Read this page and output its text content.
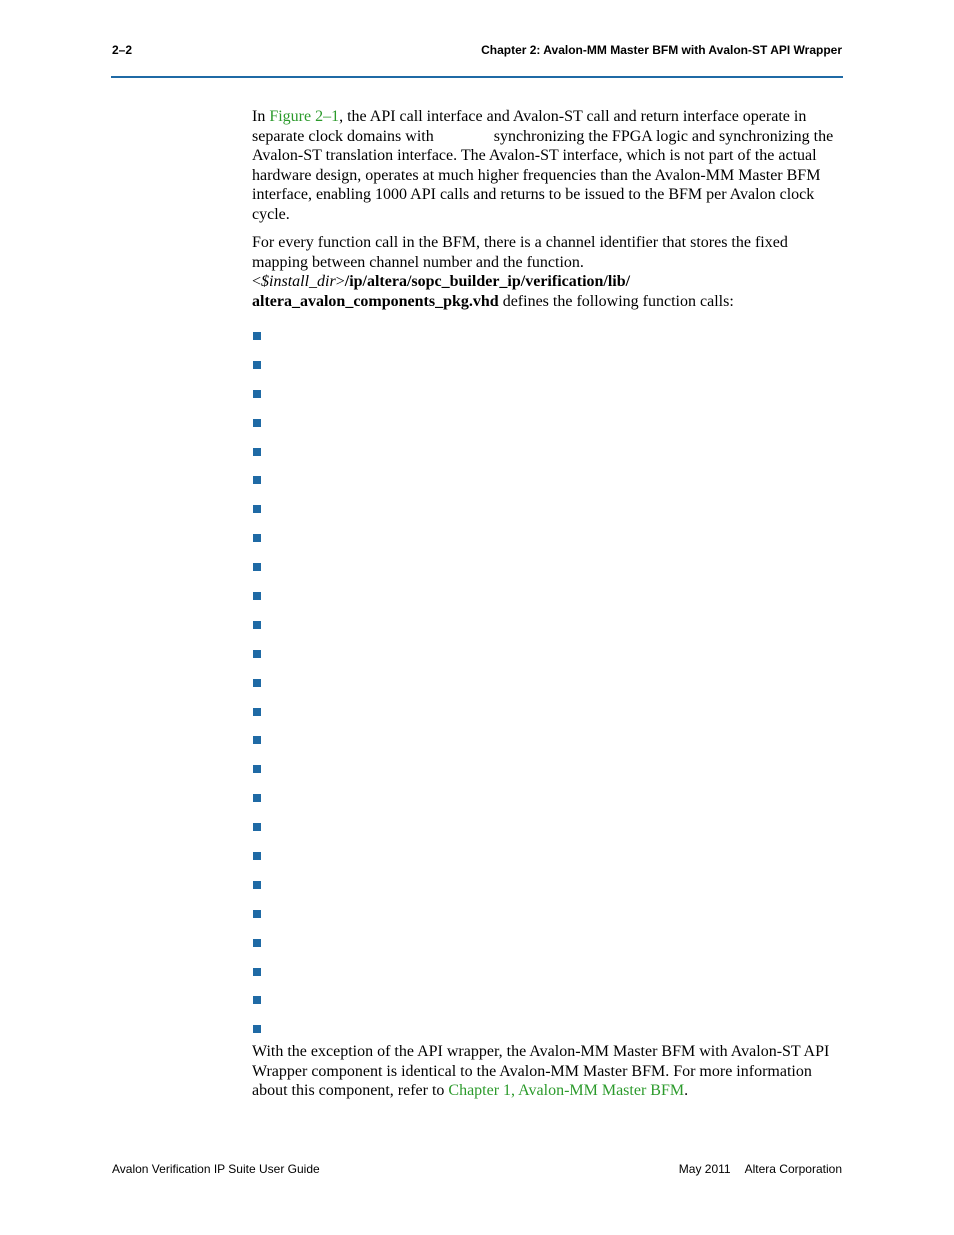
2–2	Chapter 2: Avalon-MM Master BFM with Avalon-ST API Wrapper

In Figure 2–1, the API call interface and Avalon-ST call and return interface operate in separate clock domains with	synchronizing the FPGA logic and synchronizing the Avalon-ST translation interface. The Avalon-ST interface, which is not part of the actual hardware design, operates at much higher frequencies than the Avalon-MM Master BFM interface, enabling 1000 API calls and returns to be issued to the BFM per Avalon clock cycle.

For every function call in the BFM, there is a channel identifier that stores the fixed mapping between channel number and the function. <$install_dir>/ip/altera/sopc_builder_ip/verification/lib/ altera_avalon_components_pkg.vhd defines the following function calls:

With the exception of the API wrapper, the Avalon-MM Master BFM with Avalon-ST API Wrapper component is identical to the Avalon-MM Master BFM. For more information about this component, refer to Chapter 1, Avalon-MM Master BFM.

Avalon Verification IP Suite User Guide	May 2011 Altera Corporation
